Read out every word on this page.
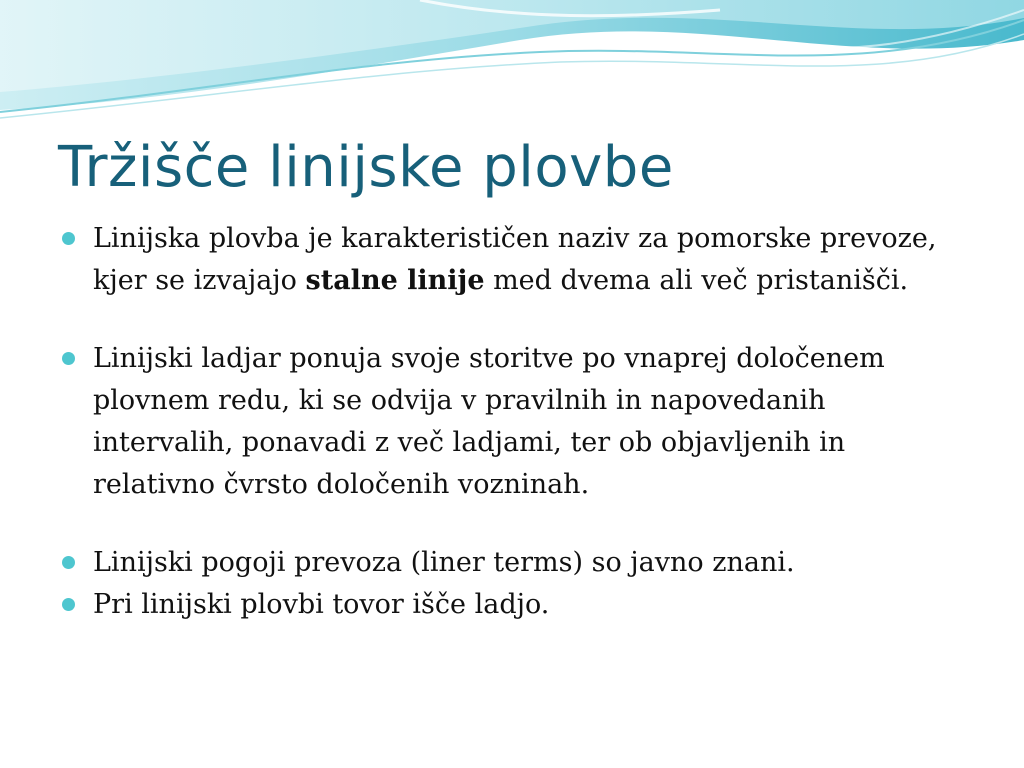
Tržišče linijske plovbe
Linijska plovba je karakterističen naziv za pomorske prevoze, kjer se izvajajo stalne linije med dvema ali več pristanišči.
Linijski ladjar ponuja svoje storitve po vnaprej določenem plovnem redu, ki se odvija v pravilnih in napovedanih intervalih, ponavadi z več ladjami, ter ob objavljenih in relativno čvrsto določenih vozninah.
Linijski pogoji prevoza (liner terms) so javno znani.
Pri linijski plovbi tovor išče ladjo.
